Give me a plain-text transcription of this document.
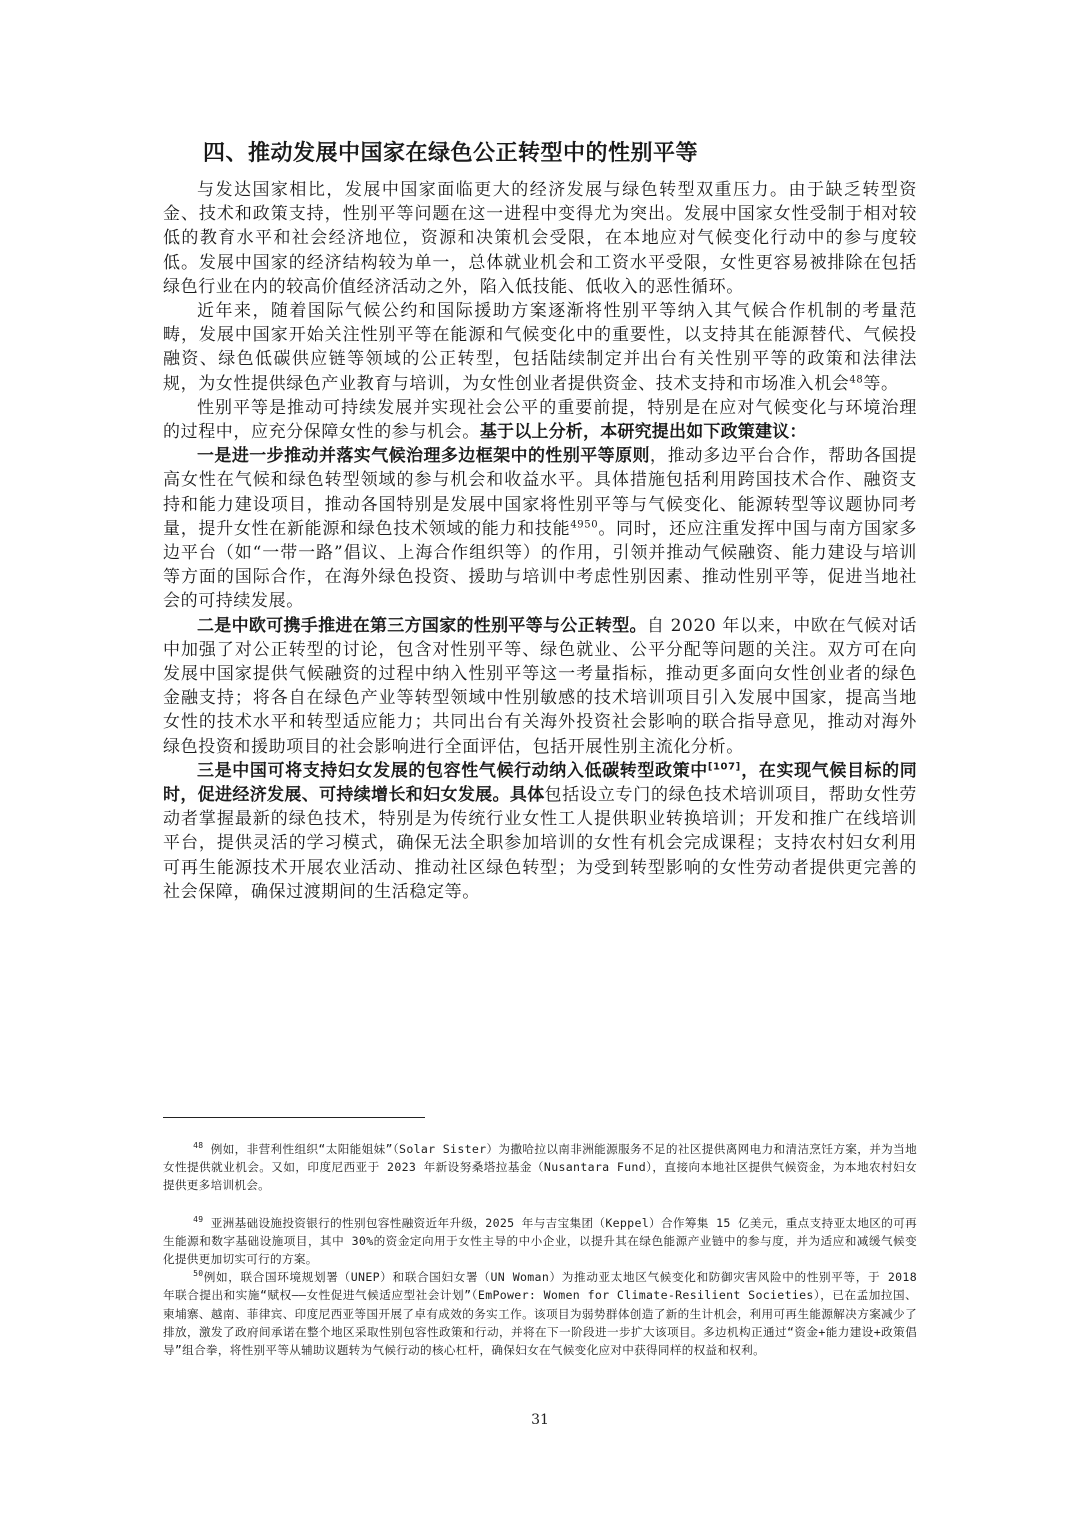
四、推动发展中国家在绿色公正转型中的性别平等

与发达国家相比，发展中国家面临更大的经济发展与绿色转型双重压力。由于缺乏转型资金、技术和政策支持，性别平等问题在这一进程中变得尤为突出。发展中国家女性受制于相对较低的教育水平和社会经济地位，资源和决策机会受限，在本地应对气候变化行动中的参与度较低。发展中国家的经济结构较为单一，总体就业机会和工资水平受限，女性更容易被排除在包括绿色行业在内的较高价值经济活动之外，陷入低技能、低收入的恶性循环。

近年来，随着国际气候公约和国际援助方案逐渐将性别平等纳入其气候合作机制的考量范畴，发展中国家开始关注性别平等在能源和气候变化中的重要性，以支持其在能源替代、气候投融资、绿色低碳供应链等领域的公正转型，包括陆续制定并出台有关性别平等的政策和法律法规，为女性提供绿色产业教育与培训，为女性创业者提供资金、技术支持和市场准入机会$^{48}$等。

性别平等是推动可持续发展并实现社会公平的重要前提，特别是在应对气候变化与环境治理的过程中，应充分保障女性的参与机会。基于以上分析，本研究提出如下政策建议：

一是进一步推动并落实气候治理多边框架中的性别平等原则，推动多边平台合作，帮助各国提高女性在气候和绿色转型领域的参与机会和收益水平。具体措施包括利用跨国技术合作、融资支持和能力建设项目，推动各国特别是发展中国家将性别平等与气候变化、能源转型等议题协同考量，提升女性在新能源和绿色技术领域的能力和技能$^{4950}$。同时，还应注重发挥中国与南方国家多边平台（如“一带一路”倡议、上海合作组织等）的作用，引领并推动气候融资、能力建设与培训等方面的国际合作，在海外绿色投资、援助与培训中考虑性别因素、推动性别平等，促进当地社会的可持续发展。

二是中欧可携手推进在第三方国家的性别平等与公正转型。自 2020 年以来，中欧在气候对话中加强了对公正转型的讨论，包含对性别平等、绿色就业、公平分配等问题的关注。双方可在向发展中国家提供气候融资的过程中纳入性别平等这一考量指标，推动更多面向女性创业者的绿色金融支持；将各自在绿色产业等转型领域中性别敏感的技术培训项目引入发展中国家，提高当地女性的技术水平和转型适应能力；共同出台有关海外投资社会影响的联合指导意见，推动对海外绿色投资和援助项目的社会影响进行全面评估，包括开展性别主流化分析。

三是中国可将支持妇女发展的包容性气候行动纳入低碳转型政策中[107]，在实现气候目标的同时，促进经济发展、可持续增长和妇女发展。具体包括设立专门的绿色技术培训项目，帮助女性劳动者掌握最新的绿色技术，特别是为传统行业女性工人提供职业转换培训；开发和推广在线培训平台，提供灵活的学习模式，确保无法全职参加培训的女性有机会完成课程；支持农村妇女利用可再生能源技术开展农业活动、推动社区绿色转型；为受到转型影响的女性劳动者提供更完善的社会保障，确保过渡期间的生活稳定等。

$^{48}$ 例如，非营利性组织“太阳能姐妹”（Solar Sister）为撒哈拉以南非洲能源服务不足的社区提供离网电力和清洁烹饪方案，并为当地女性提供就业机会。又如，印度尼西亚于 2023 年新设努桑塔拉基金（Nusantara Fund），直接向本地社区提供气候资金，为本地农村妇女提供更多培训机会。

$^{49}$ 亚洲基础设施投资银行的性别包容性融资近年升级，2025 年与吉宝集团（Keppel）合作筹集 15 亿美元，重点支持亚太地区的可再生能源和数字基础设施项目，其中 30%的资金定向用于女性主导的中小企业，以提升其在绿色能源产业链中的参与度，并为适应和减缓气候变化提供更加切实可行的方案。

$^{50}$例如，联合国环境规划署（UNEP）和联合国妇女署（UN Woman）为推动亚太地区气候变化和防御灾害风险中的性别平等，于 2018 年联合提出和实施“赋权——女性促进气候适应型社会计划”（EmPower: Women for Climate-Resilient Societies），已在孟加拉国、柬埔寨、越南、菲律宾、印度尼西亚等国开展了卓有成效的务实工作。该项目为弱势群体创造了新的生计机会，利用可再生能源解决方案减少了排放，激发了政府间承诺在整个地区采取性别包容性政策和行动，并将在下一阶段进一步扩大该项目。多边机构正通过“资金+能力建设+政策倡导”组合拳，将性别平等从辅助议题转为气候行动的核心杠杆，确保妇女在气候变化应对中获得同样的权益和权利。

31
